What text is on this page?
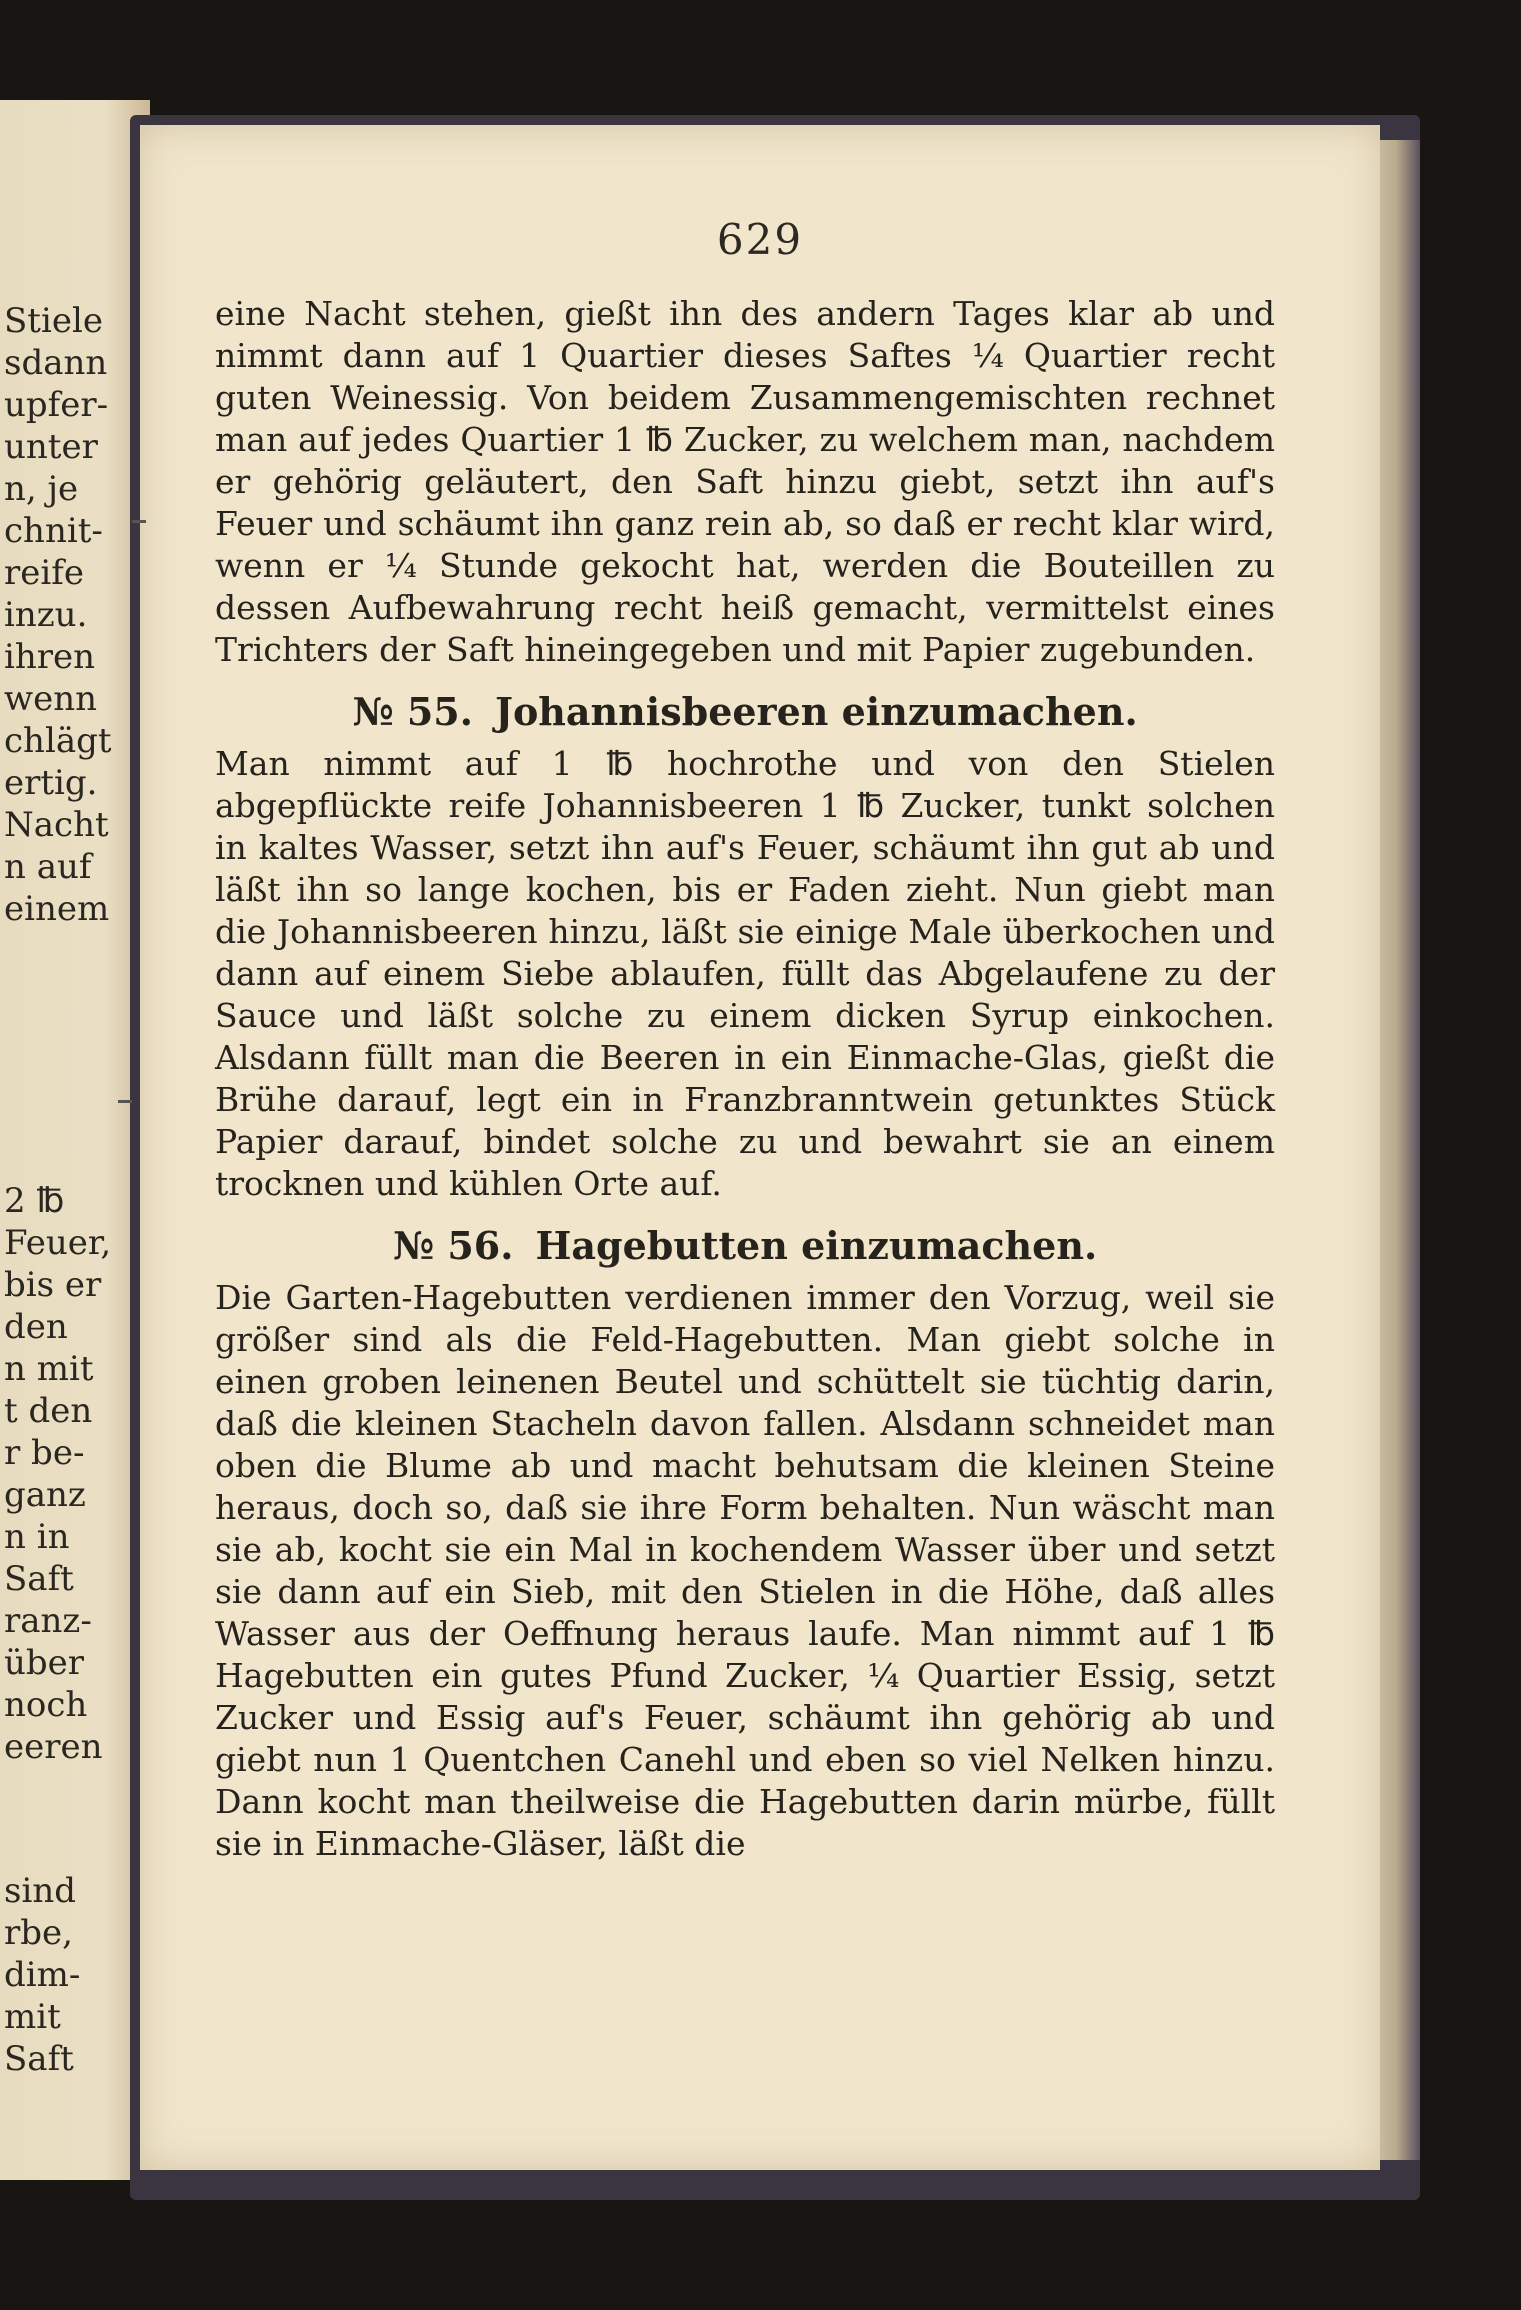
Stiele
sdann
upfer-
unter
n, je
chnit-
reife
inzu.
ihren
wenn
chlägt
ertig.
Nacht
n auf
einem
2 ℔
Feuer,
bis er
den
n mit
t den
r be-
ganz
n in
Saft
ranz-
über
noch
eeren
sind
rbe,
dim-
mit
Saft
629

eine Nacht stehen, gießt ihn des andern Tages klar ab und nimmt dann auf 1 Quartier dieses Saftes ¼ Quartier recht guten Weinessig. Von beidem Zusammengemischten rechnet man auf jedes Quartier 1 ℔ Zucker, zu welchem man, nachdem er gehörig geläutert, den Saft hinzu giebt, setzt ihn auf's Feuer und schäumt ihn ganz rein ab, so daß er recht klar wird, wenn er ¼ Stunde gekocht hat, werden die Bouteillen zu dessen Aufbewahrung recht heiß gemacht, vermittelst eines Trichters der Saft hineingegeben und mit Papier zugebunden.

№ 55. Johannisbeeren einzumachen.

Man nimmt auf 1 ℔ hochrothe und von den Stielen abgepflückte reife Johannisbeeren 1 ℔ Zucker, tunkt solchen in kaltes Wasser, setzt ihn auf's Feuer, schäumt ihn gut ab und läßt ihn so lange kochen, bis er Faden zieht. Nun giebt man die Johannisbeeren hinzu, läßt sie einige Male überkochen und dann auf einem Siebe ablaufen, füllt das Abgelaufene zu der Sauce und läßt solche zu einem dicken Syrup einkochen. Alsdann füllt man die Beeren in ein Einmache-Glas, gießt die Brühe darauf, legt ein in Franzbranntwein getunktes Stück Papier darauf, bindet solche zu und bewahrt sie an einem trocknen und kühlen Orte auf.

№ 56. Hagebutten einzumachen.

Die Garten-Hagebutten verdienen immer den Vorzug, weil sie größer sind als die Feld-Hagebutten. Man giebt solche in einen groben leinenen Beutel und schüttelt sie tüchtig darin, daß die kleinen Stacheln davon fallen. Alsdann schneidet man oben die Blume ab und macht behutsam die kleinen Steine heraus, doch so, daß sie ihre Form behalten. Nun wäscht man sie ab, kocht sie ein Mal in kochendem Wasser über und setzt sie dann auf ein Sieb, mit den Stielen in die Höhe, daß alles Wasser aus der Oeffnung heraus laufe. Man nimmt auf 1 ℔ Hagebutten ein gutes Pfund Zucker, ¼ Quartier Essig, setzt Zucker und Essig auf's Feuer, schäumt ihn gehörig ab und giebt nun 1 Quentchen Canehl und eben so viel Nelken hinzu. Dann kocht man theilweise die Hagebutten darin mürbe, füllt sie in Einmache-Gläser, läßt die
